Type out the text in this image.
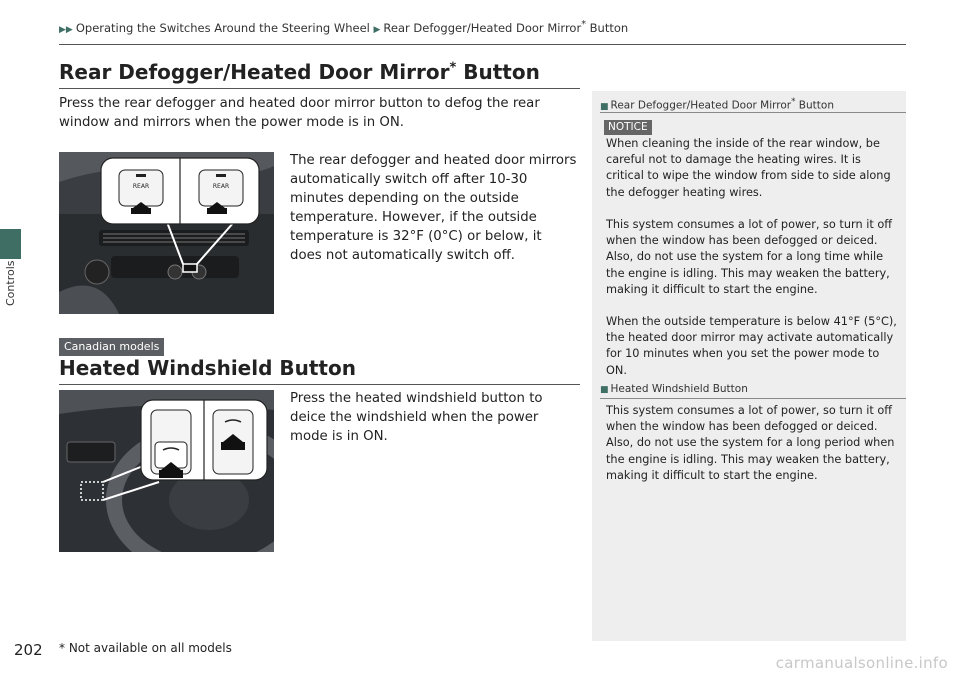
Controls
▶▶ Operating the Switches Around the Steering Wheel ▶ Rear Defogger/Heated Door Mirror* Button
Rear Defogger/Heated Door Mirror* Button
Press the rear defogger and heated door mirror button to defog the rear window and mirrors when the power mode is in ON.
REAR	REAR
The rear defogger and heated door mirrors automatically switch off after 10-30 minutes depending on the outside temperature. However, if the outside temperature is 32°F (0°C) or below, it does not automatically switch off.
Canadian models
Heated Windshield Button
Press the heated windshield button to deice the windshield when the power mode is in ON.
■ Rear Defogger/Heated Door Mirror* Button
NOTICE
When cleaning the inside of the rear window, be careful not to damage the heating wires. It is critical to wipe the window from side to side along the defogger heating wires.
This system consumes a lot of power, so turn it off when the window has been defogged or deiced. Also, do not use the system for a long time while the engine is idling. This may weaken the battery, making it difficult to start the engine.
When the outside temperature is below 41°F (5°C), the heated door mirror may activate automatically for 10 minutes when you set the power mode to ON.
■ Heated Windshield Button
This system consumes a lot of power, so turn it off when the window has been defogged or deiced. Also, do not use the system for a long period when the engine is idling. This may weaken the battery, making it difficult to start the engine.
202 * Not available on all models
carmanualsonline.info
